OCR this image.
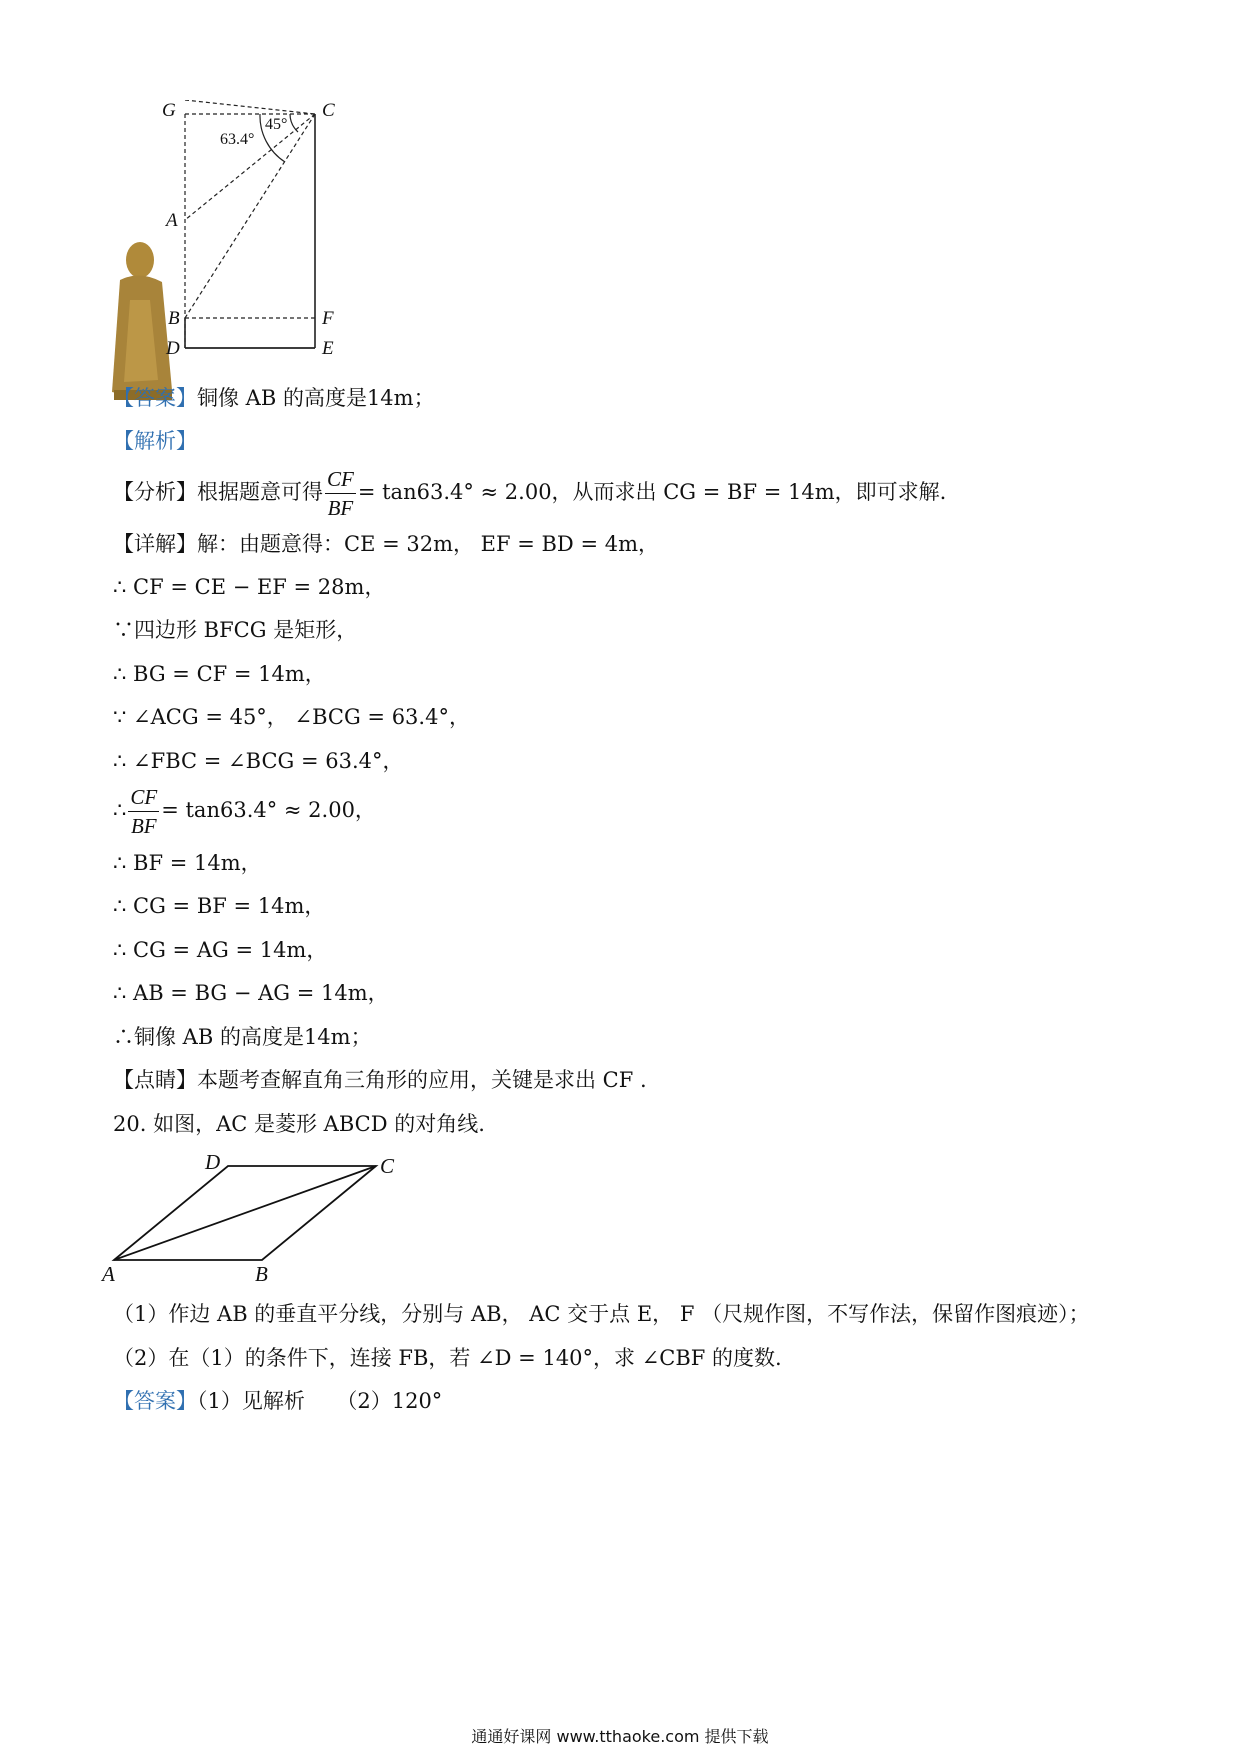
G	C
A
B
D
F
E
45°
63.4°
【答案】铜像 AB 的高度是14m；
【解析】
【分析】根据题意可得 $\frac{CF}{BF} = \tan 63.4^\circ \approx 2.00$，从而求出 CG = BF = 14m，即可求解.
【详解】解：由题意得：CE = 32m， EF = BD = 4m，
∴ CF = CE − EF = 28m，
∵四边形 BFCG 是矩形，
∴ BG = CF = 14m，
∵ ∠ACG = 45°， ∠BCG = 63.4°，
∴ ∠FBC = ∠BCG = 63.4°，
∴ $\frac{CF}{BF} = \tan 63.4^\circ \approx 2.00$，
∴ BF = 14m，
∴ CG = BF = 14m，
∴ CG = AG = 14m，
∴ AB = BG − AG = 14m，
∴铜像 AB 的高度是14m；
【点睛】本题考查解直角三角形的应用，关键是求出 CF .
20. 如图，AC 是菱形 ABCD 的对角线.
D	C
A	B
（1）作边 AB 的垂直平分线，分别与 AB， AC 交于点 E， F （尺规作图，不写作法，保留作图痕迹）；
（2）在（1）的条件下，连接 FB，若 ∠D = 140°，求 ∠CBF 的度数.
【答案】（1）见解析　　（2）120°
通通好课网 www.tthaoke.com 提供下载
